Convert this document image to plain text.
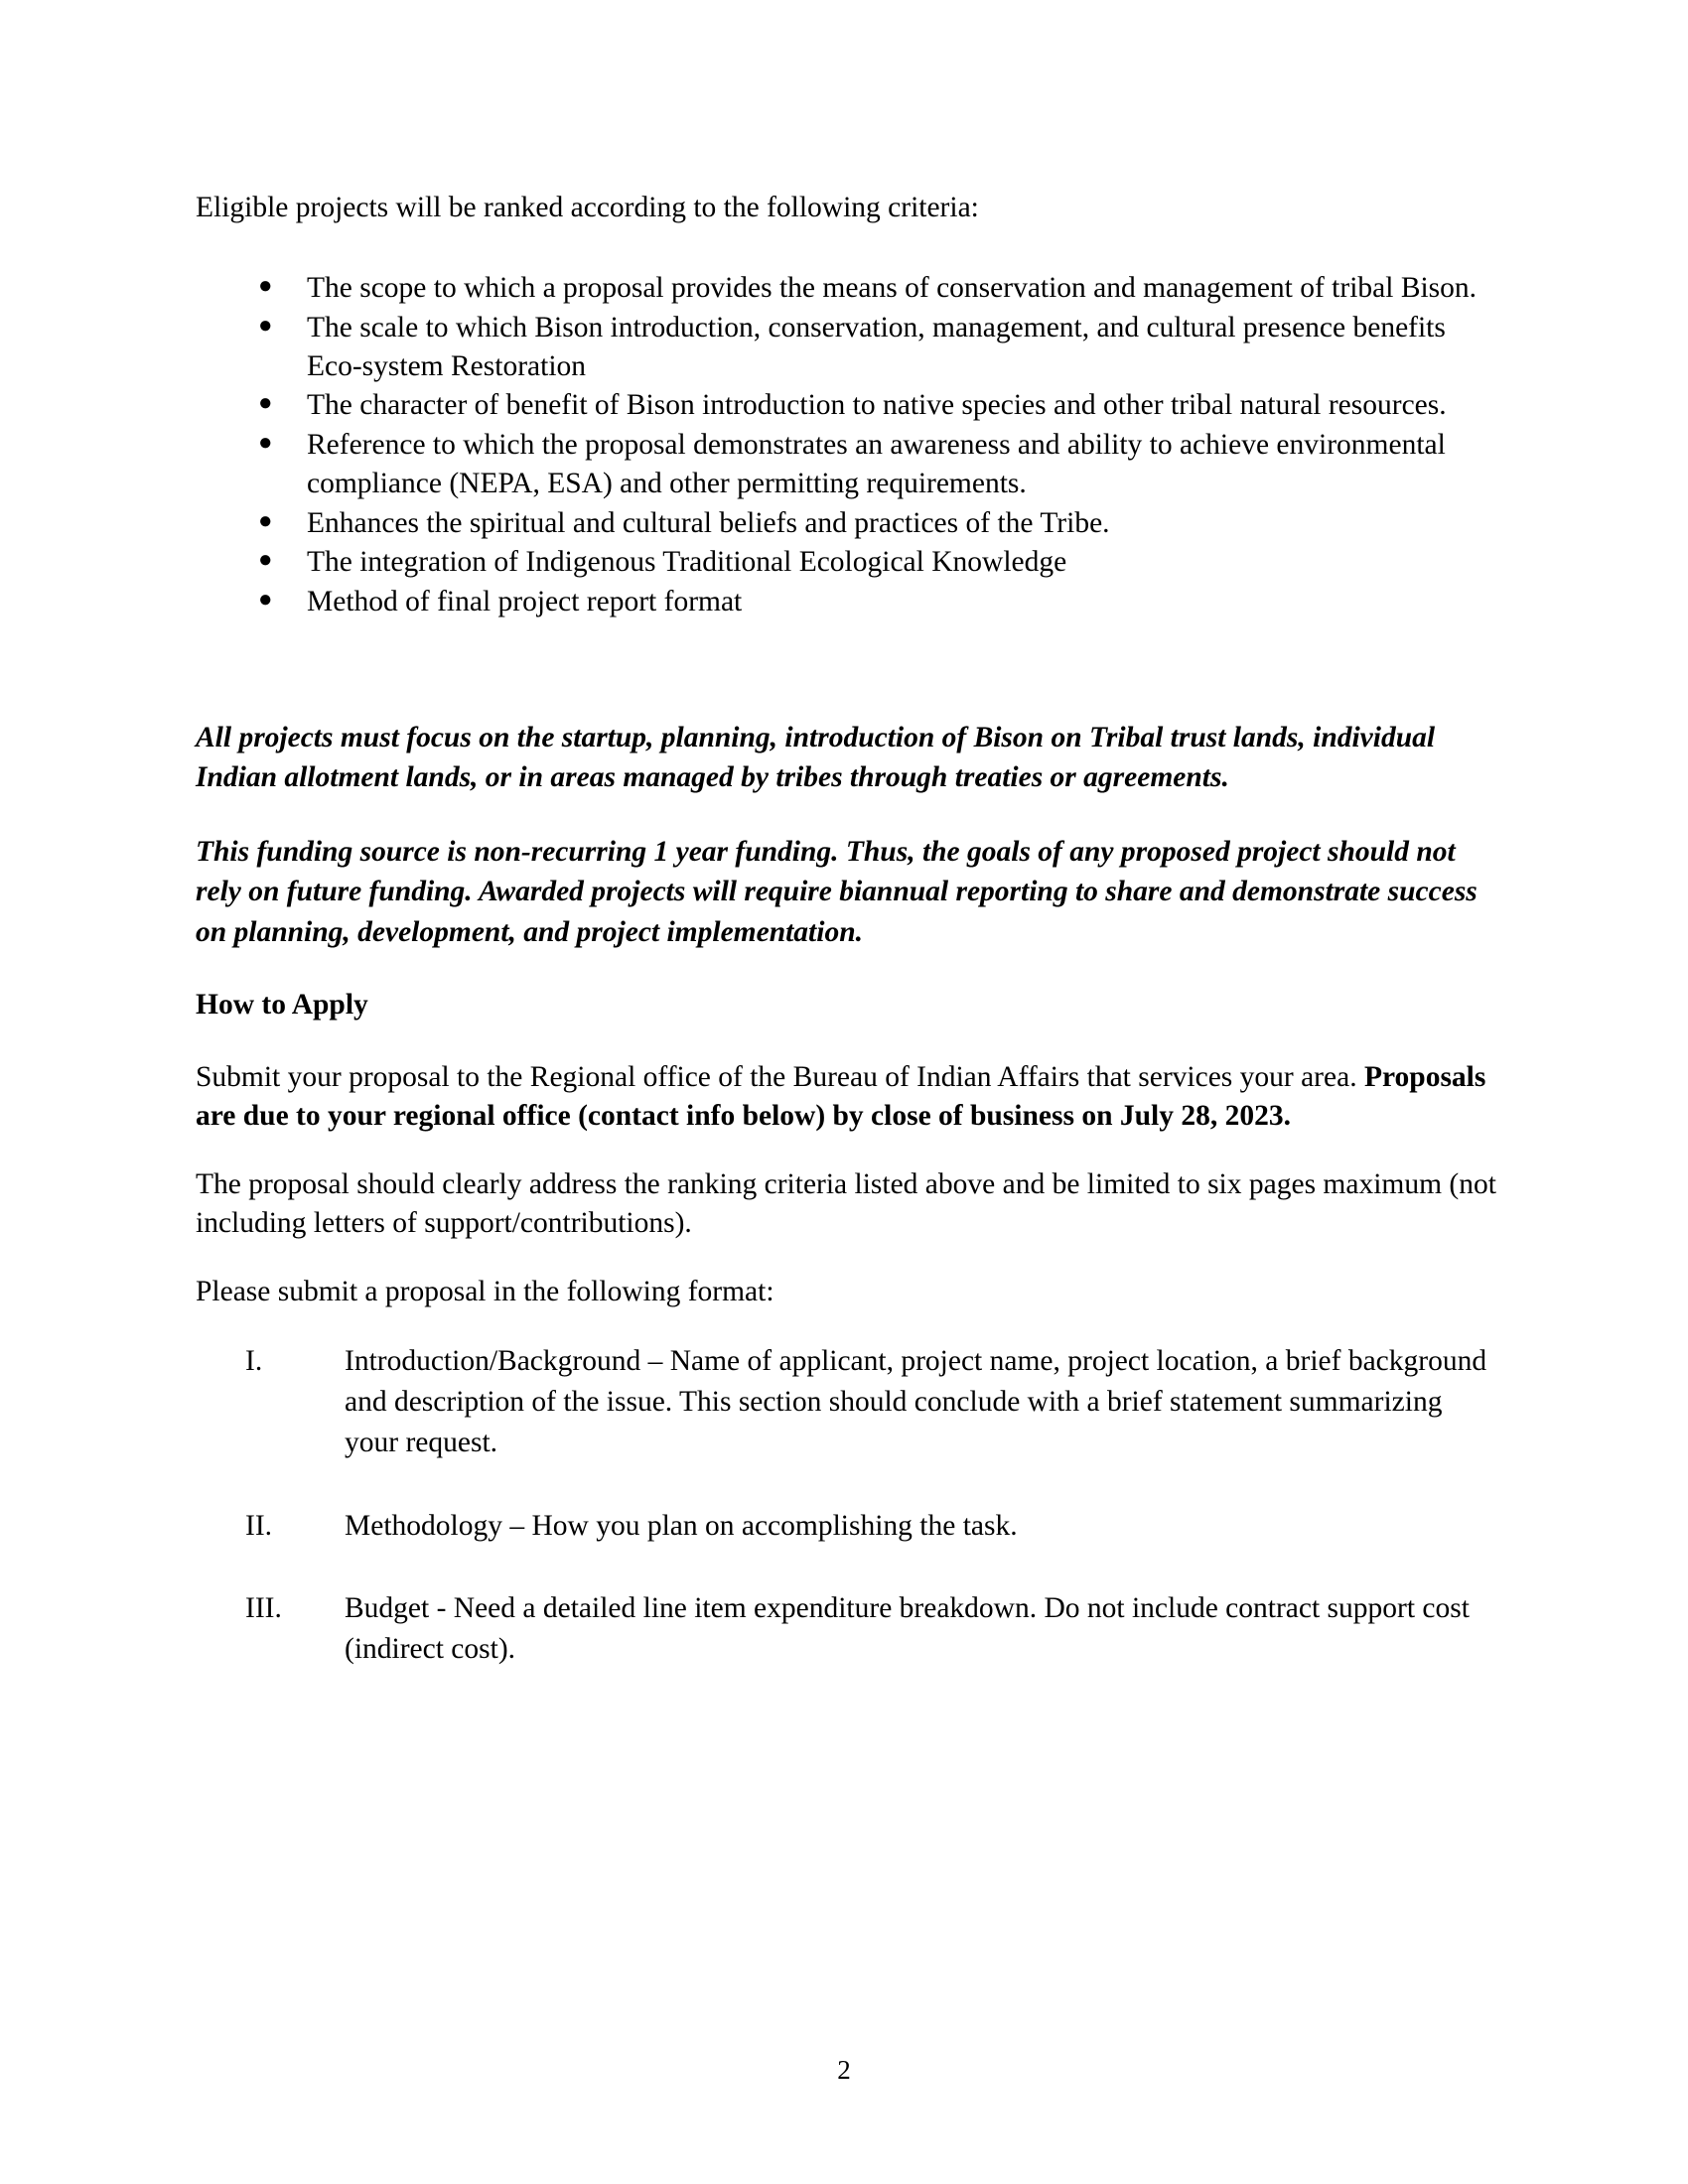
Eligible projects will be ranked according to the following criteria:

● The scope to which a proposal provides the means of conservation and management of tribal Bison.
● The scale to which Bison introduction, conservation, management, and cultural presence benefits Eco-system Restoration
● The character of benefit of Bison introduction to native species and other tribal natural resources.
● Reference to which the proposal demonstrates an awareness and ability to achieve environmental compliance (NEPA, ESA) and other permitting requirements.
● Enhances the spiritual and cultural beliefs and practices of the Tribe.
● The integration of Indigenous Traditional Ecological Knowledge
● Method of final project report format

All projects must focus on the startup, planning, introduction of Bison on Tribal trust lands, individual Indian allotment lands, or in areas managed by tribes through treaties or agreements.

This funding source is non-recurring 1 year funding. Thus, the goals of any proposed project should not rely on future funding. Awarded projects will require biannual reporting to share and demonstrate success on planning, development, and project implementation.

How to Apply

Submit your proposal to the Regional office of the Bureau of Indian Affairs that services your area. Proposals are due to your regional office (contact info below) by close of business on July 28, 2023.

The proposal should clearly address the ranking criteria listed above and be limited to six pages maximum (not including letters of support/contributions).

Please submit a proposal in the following format:

I.	Introduction/Background – Name of applicant, project name, project location, a brief background and description of the issue. This section should conclude with a brief statement summarizing your request.
II.	Methodology – How you plan on accomplishing the task.
III.	Budget - Need a detailed line item expenditure breakdown. Do not include contract support cost (indirect cost).
2
